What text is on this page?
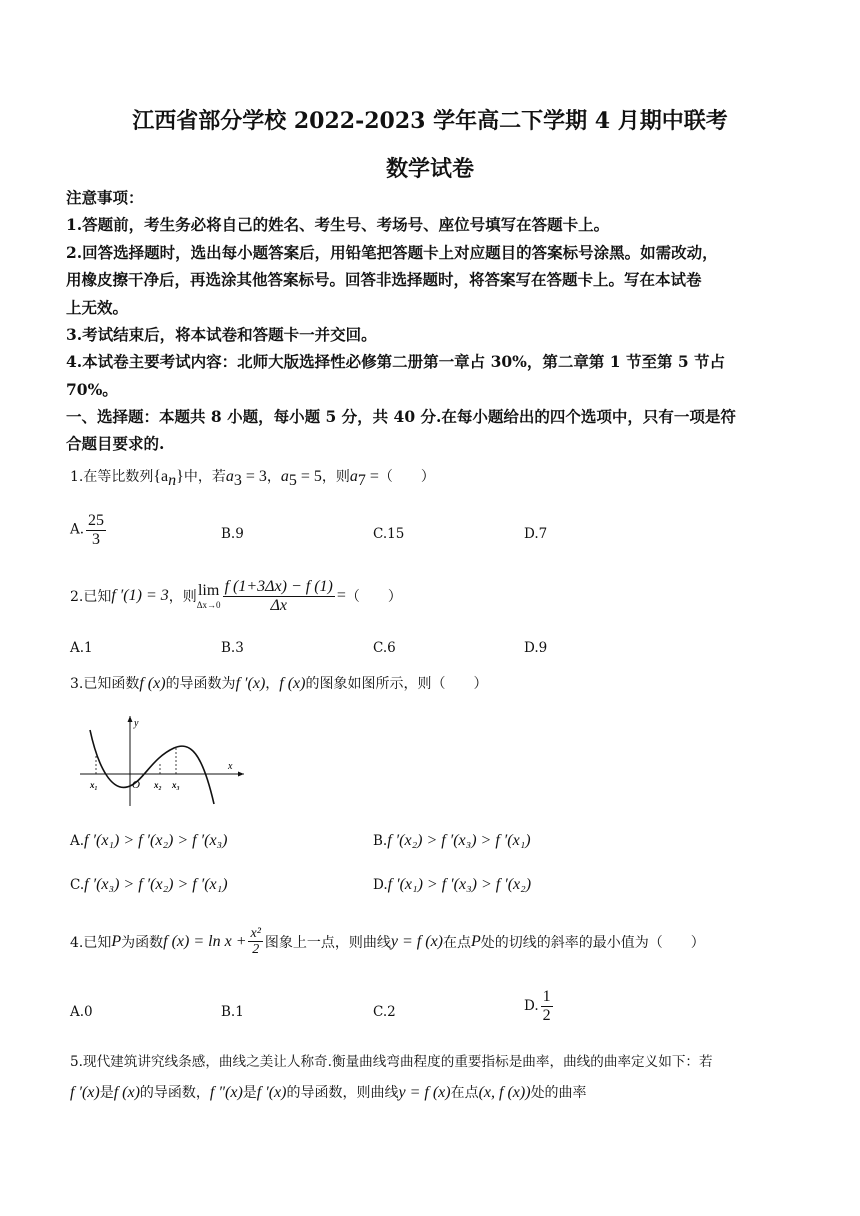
江西省部分学校 2022-2023 学年高二下学期 4 月期中联考
数学试卷
注意事项：
1.答题前，考生务必将自己的姓名、考生号、考场号、座位号填写在答题卡上。
2.回答选择题时，选出每小题答案后，用铅笔把答题卡上对应题目的答案标号涂黑。如需改动，
用橡皮擦干净后，再选涂其他答案标号。回答非选择题时，将答案写在答题卡上。写在本试卷
上无效。
3.考试结束后，将本试卷和答题卡一并交回。
4.本试卷主要考试内容：北师大版选择性必修第二册第一章占 30%，第二章第 1 节至第 5 节占
70%。
一、选择题：本题共 8 小题，每小题 5 分，共 40 分.在每小题给出的四个选项中，只有一项是符
合题目要求的.
1.在等比数列$\{a_n\}$中，若$a_3 = 3$，$a_5 = 5$，则$a_7$ =（　　）
A. $\frac{25}{3}$	B.9	C.15	D.7
2.已知 f ′(1) = 3 ，则 lim
$\Delta x\to 0 \frac{f (1+3\Delta x) - f (1)}{\Delta x}$ = （　　）
A.1	B.3	C.6	D.9
3.已知函数f (x)的导函数为f ′(x)，f (x)的图象如图所示，则（　　）
y
x
O
x₁	x₂ x₃
A.f ′(x₁) > f ′(x₂) > f ′(x₃)	B.f ′(x₂) > f ′(x₃) > f ′(x₁)
C.f ′(x₃) > f ′(x₂) > f ′(x₁)	D.f ′(x₁) > f ′(x₃) > f ′(x₂)
4.已知 P 为函数 f $(x) = \ln x + \frac{\text{x²}}{2}$ 图象上一点，则曲线 y = f (x) 在点 P 处的切线的斜率的最小值为（　　）
A.0	B.1	C.2	D. $\frac{1}{2}$
5.现代建筑讲究线条感，曲线之美让人称奇.衡量曲线弯曲程度的重要指标是曲率，曲线的曲率定义如下：若
f ′(x)是f (x)的导函数，f ″(x)是f ′(x)的导函数，则曲线y = f (x)在点(x, f (x))处的曲率
